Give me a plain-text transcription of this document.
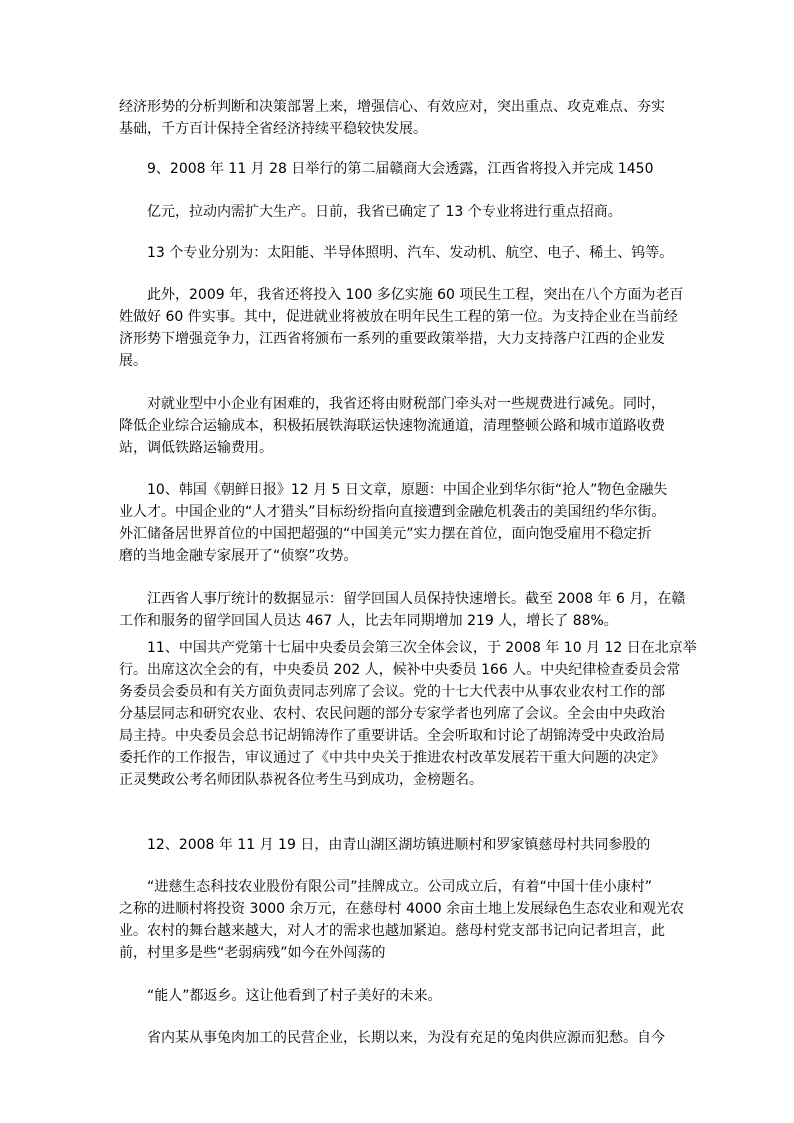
经济形势的分析判断和决策部署上来，增强信心、有效应对，突出重点、攻克难点、夯实
基础，千方百计保持全省经济持续平稳较快发展。
9、2008 年 11 月 28 日举行的第二届赣商大会透露，江西省将投入并完成 1450
亿元，拉动内需扩大生产。日前，我省已确定了 13 个专业将进行重点招商。
13 个专业分别为：太阳能、半导体照明、汽车、发动机、航空、电子、稀土、钨等。
此外，2009 年，我省还将投入 100 多亿实施 60 项民生工程，突出在八个方面为老百
姓做好 60 件实事。其中，促进就业将被放在明年民生工程的第一位。为支持企业在当前经
济形势下增强竞争力，江西省将颁布一系列的重要政策举措，大力支持落户江西的企业发
展。
对就业型中小企业有困难的，我省还将由财税部门牵头对一些规费进行减免。同时，
降低企业综合运输成本，积极拓展铁海联运快速物流通道，清理整顿公路和城市道路收费
站，调低铁路运输费用。
10、韩国《朝鲜日报》12 月 5 日文章，原题：中国企业到华尔街“抢人”物色金融失
业人才。中国企业的“人才猎头”目标纷纷指向直接遭到金融危机袭击的美国纽约华尔街。
外汇储备居世界首位的中国把超强的“中国美元”实力摆在首位，面向饱受雇用不稳定折
磨的当地金融专家展开了“侦察”攻势。
江西省人事厅统计的数据显示：留学回国人员保持快速增长。截至 2008 年 6 月，在赣
工作和服务的留学回国人员达 467 人，比去年同期增加 219 人，增长了 88%。
11、中国共产党第十七届中央委员会第三次全体会议，于 2008 年 10 月 12 日在北京举
行。出席这次全会的有，中央委员 202 人，候补中央委员 166 人。中央纪律检查委员会常
务委员会委员和有关方面负责同志列席了会议。党的十七大代表中从事农业农村工作的部
分基层同志和研究农业、农村、农民问题的部分专家学者也列席了会议。全会由中央政治
局主持。中央委员会总书记胡锦涛作了重要讲话。全会听取和讨论了胡锦涛受中央政治局
委托作的工作报告，审议通过了《中共中央关于推进农村改革发展若干重大问题的决定》
正灵樊政公考名师团队恭祝各位考生马到成功，金榜题名。
12、2008 年 11 月 19 日，由青山湖区湖坊镇进顺村和罗家镇慈母村共同参股的
“进慈生态科技农业股份有限公司”挂牌成立。公司成立后，有着“中国十佳小康村”
之称的进顺村将投资 3000 余万元，在慈母村 4000 余亩土地上发展绿色生态农业和观光农
业。农村的舞台越来越大，对人才的需求也越加紧迫。慈母村党支部书记向记者坦言，此
前，村里多是些“老弱病残”如今在外闯荡的
“能人”都返乡。这让他看到了村子美好的未来。
省内某从事兔肉加工的民营企业，长期以来，为没有充足的兔肉供应源而犯愁。自今
